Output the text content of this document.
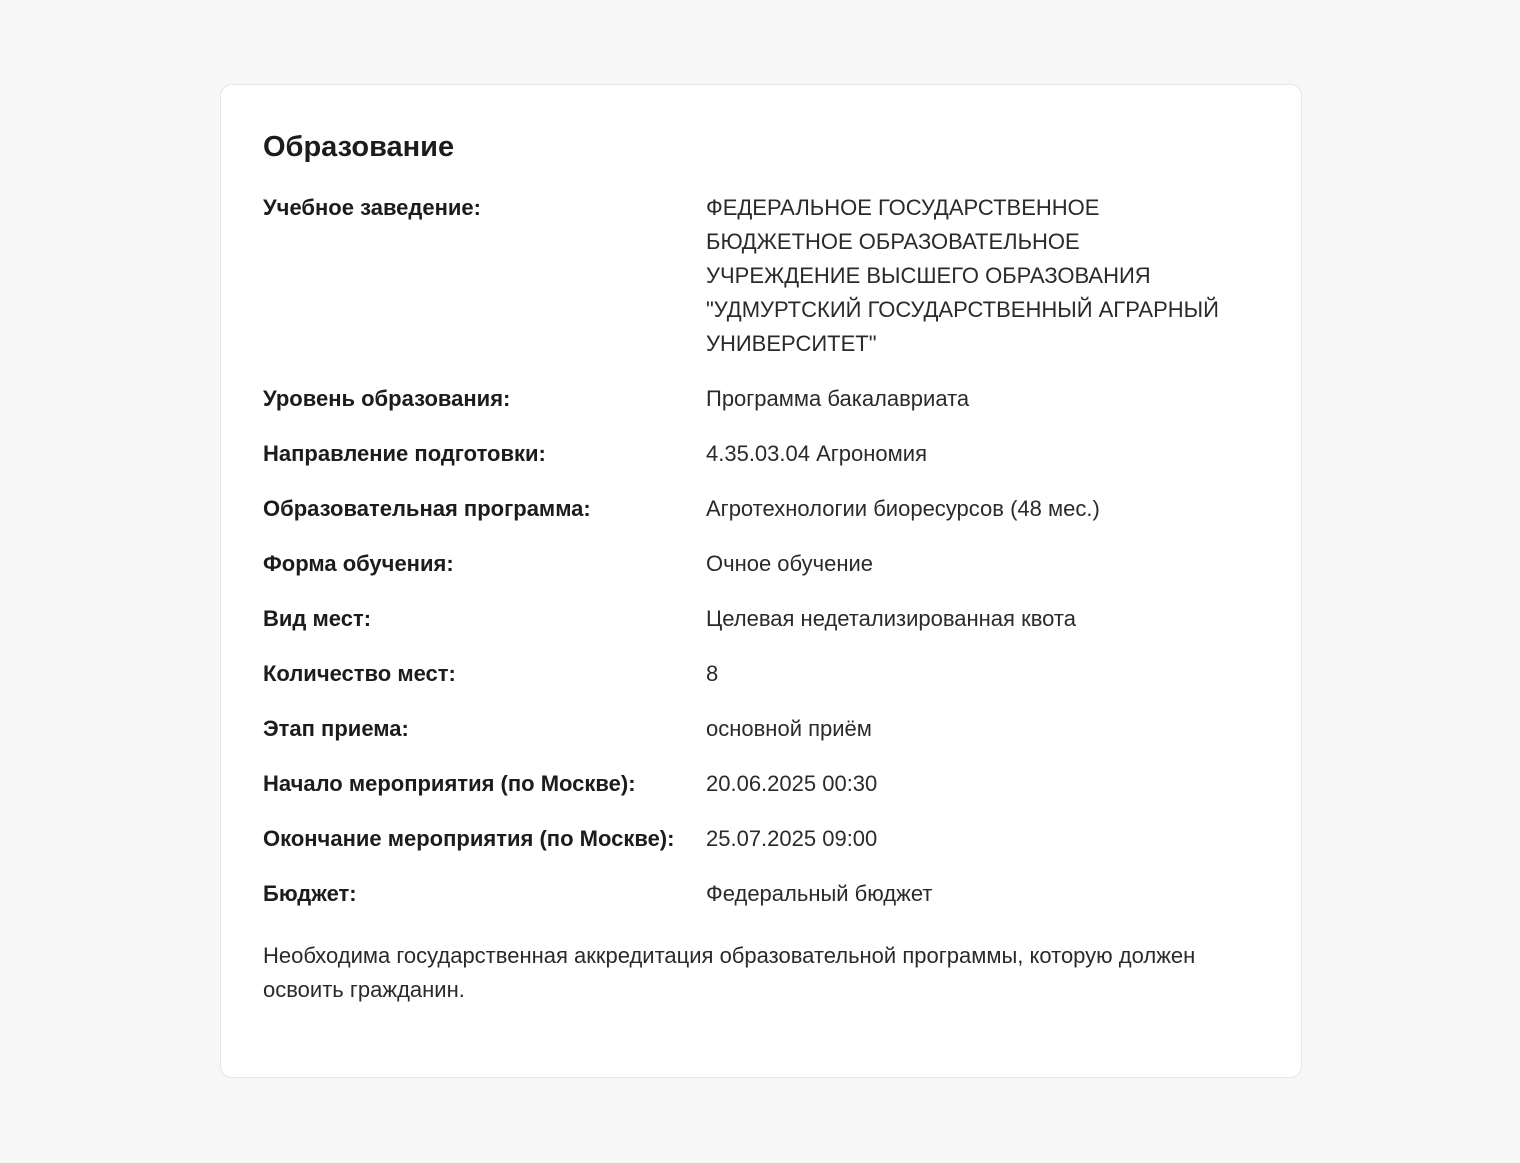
Образование
Учебное заведение:	ФЕДЕРАЛЬНОЕ ГОСУДАРСТВЕННОЕ БЮДЖЕТНОЕ ОБРАЗОВАТЕЛЬНОЕ УЧРЕЖДЕНИЕ ВЫСШЕГО ОБРАЗОВАНИЯ "УДМУРТСКИЙ ГОСУДАРСТВЕННЫЙ АГРАРНЫЙ УНИВЕРСИТЕТ"
Уровень образования:	Программа бакалавриата
Направление подготовки:	4.35.03.04 Агрономия
Образовательная программа:	Агротехнологии биоресурсов (48 мес.)
Форма обучения:	Очное обучение
Вид мест:	Целевая недетализированная квота
Количество мест:	8
Этап приема:	основной приём
Начало мероприятия (по Москве):	20.06.2025 00:30
Окончание мероприятия (по Москве):	25.07.2025 09:00
Бюджет:	Федеральный бюджет
Необходима государственная аккредитация образовательной программы, которую должен освоить гражданин.
